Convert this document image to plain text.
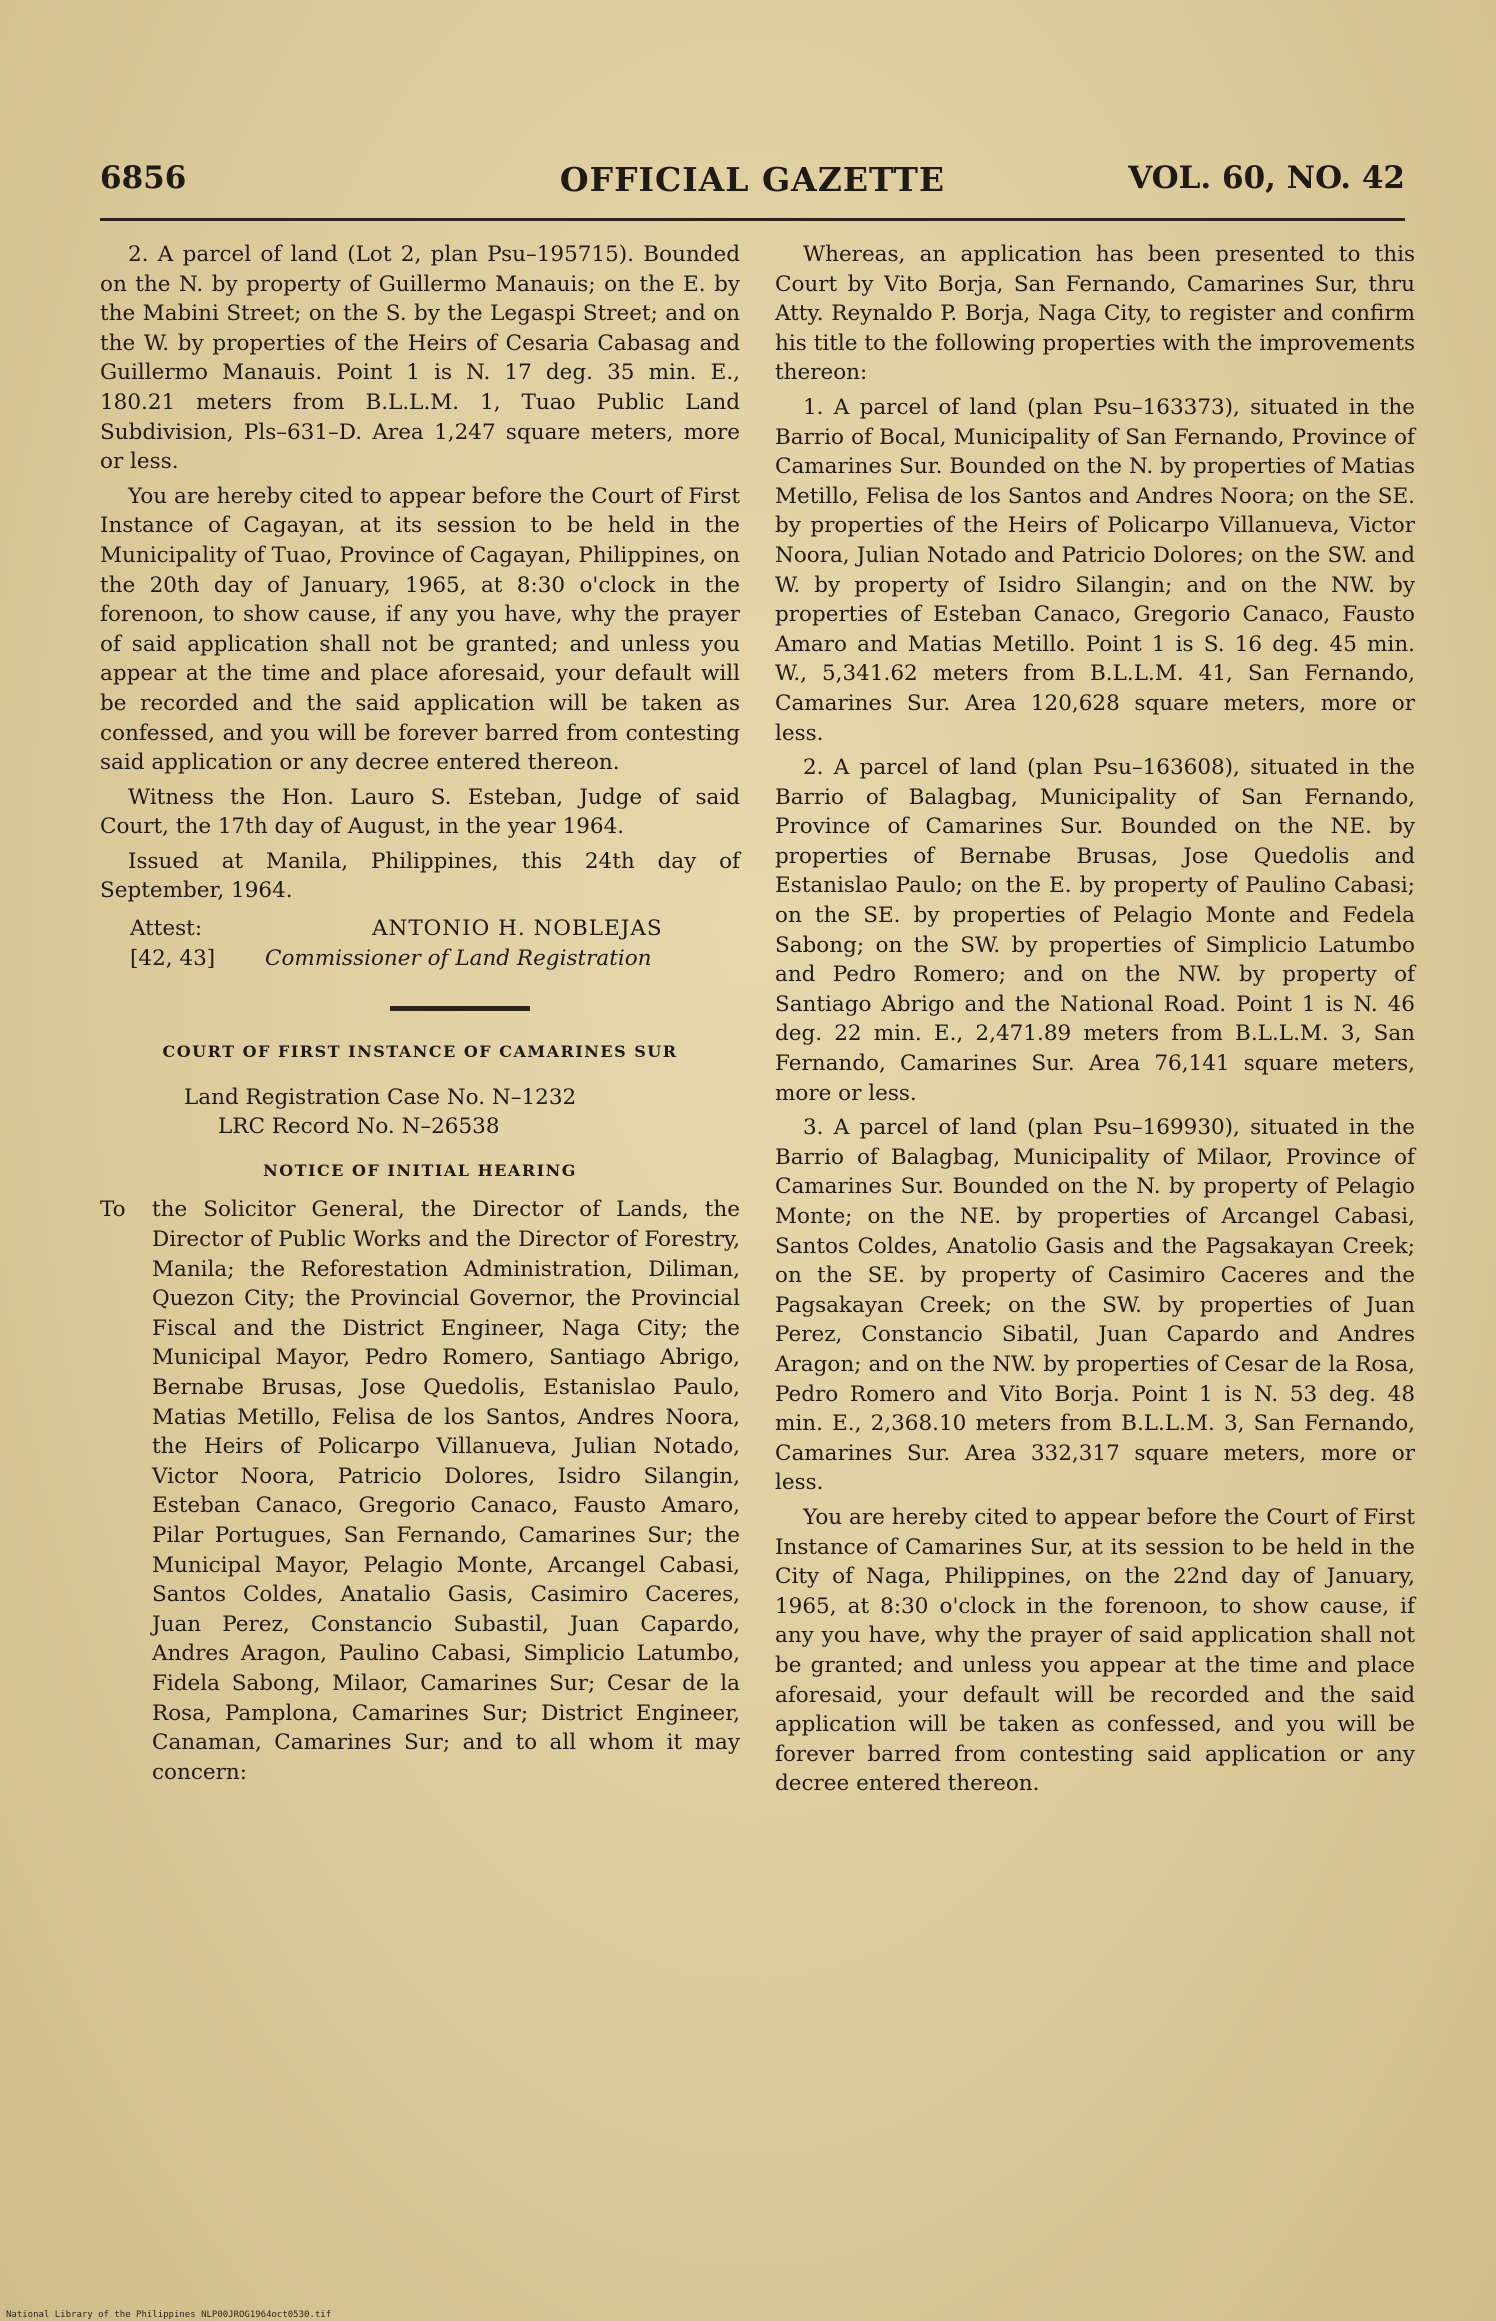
6856	OFFICIAL GAZETTE	VOL. 60, NO. 42

2. A parcel of land (Lot 2, plan Psu–195715). Bounded on the N. by property of Guillermo Manauis; on the E. by the Mabini Street; on the S. by the Legaspi Street; and on the W. by properties of the Heirs of Cesaria Cabasag and Guillermo Manauis. Point 1 is N. 17 deg. 35 min. E., 180.21 meters from B.L.L.M. 1, Tuao Public Land Subdivision, Pls–631–D. Area 1,247 square meters, more or less.

You are hereby cited to appear before the Court of First Instance of Cagayan, at its session to be held in the Municipality of Tuao, Province of Cagayan, Philippines, on the 20th day of January, 1965, at 8:30 o'clock in the forenoon, to show cause, if any you have, why the prayer of said application shall not be granted; and unless you appear at the time and place aforesaid, your default will be recorded and the said application will be taken as confessed, and you will be forever barred from contesting said application or any decree entered thereon.

Witness the Hon. Lauro S. Esteban, Judge of said Court, the 17th day of August, in the year 1964.

Issued at Manila, Philippines, this 24th day of September, 1964.

Attest:	ANTONIO H. NOBLEJAS
[42, 43] Commissioner of Land Registration
COURT OF FIRST INSTANCE OF CAMARINES SUR
Land Registration Case No. N–1232
LRC Record No. N–26538
NOTICE OF INITIAL HEARING
To the Solicitor General, the Director of Lands, the Director of Public Works and the Director of Forestry, Manila; the Reforestation Administration, Diliman, Quezon City; the Provincial Governor, the Provincial Fiscal and the District Engineer, Naga City; the Municipal Mayor, Pedro Romero, Santiago Abrigo, Bernabe Brusas, Jose Quedolis, Estanislao Paulo, Matias Metillo, Felisa de los Santos, Andres Noora, the Heirs of Policarpo Villanueva, Julian Notado, Victor Noora, Patricio Dolores, Isidro Silangin, Esteban Canaco, Gregorio Canaco, Fausto Amaro, Pilar Portugues, San Fernando, Camarines Sur; the Municipal Mayor, Pelagio Monte, Arcangel Cabasi, Santos Coldes, Anatalio Gasis, Casimiro Caceres, Juan Perez, Constancio Subastil, Juan Capardo, Andres Aragon, Paulino Cabasi, Simplicio Latumbo, Fidela Sabong, Milaor, Camarines Sur; Cesar de la Rosa, Pamplona, Camarines Sur; District Engineer, Canaman, Camarines Sur; and to all whom it may concern:

Whereas, an application has been presented to this Court by Vito Borja, San Fernando, Camarines Sur, thru Atty. Reynaldo P. Borja, Naga City, to register and confirm his title to the following properties with the improvements thereon:

1. A parcel of land (plan Psu–163373), situated in the Barrio of Bocal, Municipality of San Fernando, Province of Camarines Sur. Bounded on the N. by properties of Matias Metillo, Felisa de los Santos and Andres Noora; on the SE. by properties of the Heirs of Policarpo Villanueva, Victor Noora, Julian Notado and Patricio Dolores; on the SW. and W. by property of Isidro Silangin; and on the NW. by properties of Esteban Canaco, Gregorio Canaco, Fausto Amaro and Matias Metillo. Point 1 is S. 16 deg. 45 min. W., 5,341.62 meters from B.L.L.M. 41, San Fernando, Camarines Sur. Area 120,628 square meters, more or less.

2. A parcel of land (plan Psu–163608), situated in the Barrio of Balagbag, Municipality of San Fernando, Province of Camarines Sur. Bounded on the NE. by properties of Bernabe Brusas, Jose Quedolis and Estanislao Paulo; on the E. by property of Paulino Cabasi; on the SE. by properties of Pelagio Monte and Fedela Sabong; on the SW. by properties of Simplicio Latumbo and Pedro Romero; and on the NW. by property of Santiago Abrigo and the National Road. Point 1 is N. 46 deg. 22 min. E., 2,471.89 meters from B.L.L.M. 3, San Fernando, Camarines Sur. Area 76,141 square meters, more or less.

3. A parcel of land (plan Psu–169930), situated in the Barrio of Balagbag, Municipality of Milaor, Province of Camarines Sur. Bounded on the N. by property of Pelagio Monte; on the NE. by properties of Arcangel Cabasi, Santos Coldes, Anatolio Gasis and the Pagsakayan Creek; on the SE. by property of Casimiro Caceres and the Pagsakayan Creek; on the SW. by properties of Juan Perez, Constancio Sibatil, Juan Capardo and Andres Aragon; and on the NW. by properties of Cesar de la Rosa, Pedro Romero and Vito Borja. Point 1 is N. 53 deg. 48 min. E., 2,368.10 meters from B.L.L.M. 3, San Fernando, Camarines Sur. Area 332,317 square meters, more or less.

You are hereby cited to appear before the Court of First Instance of Camarines Sur, at its session to be held in the City of Naga, Philippines, on the 22nd day of January, 1965, at 8:30 o'clock in the forenoon, to show cause, if any you have, why the prayer of said application shall not be granted; and unless you appear at the time and place aforesaid, your default will be recorded and the said application will be taken as confessed, and you will be forever barred from contesting said application or any decree entered thereon.

National Library of the Philippines NLP00JROG1964oct0530.tif
